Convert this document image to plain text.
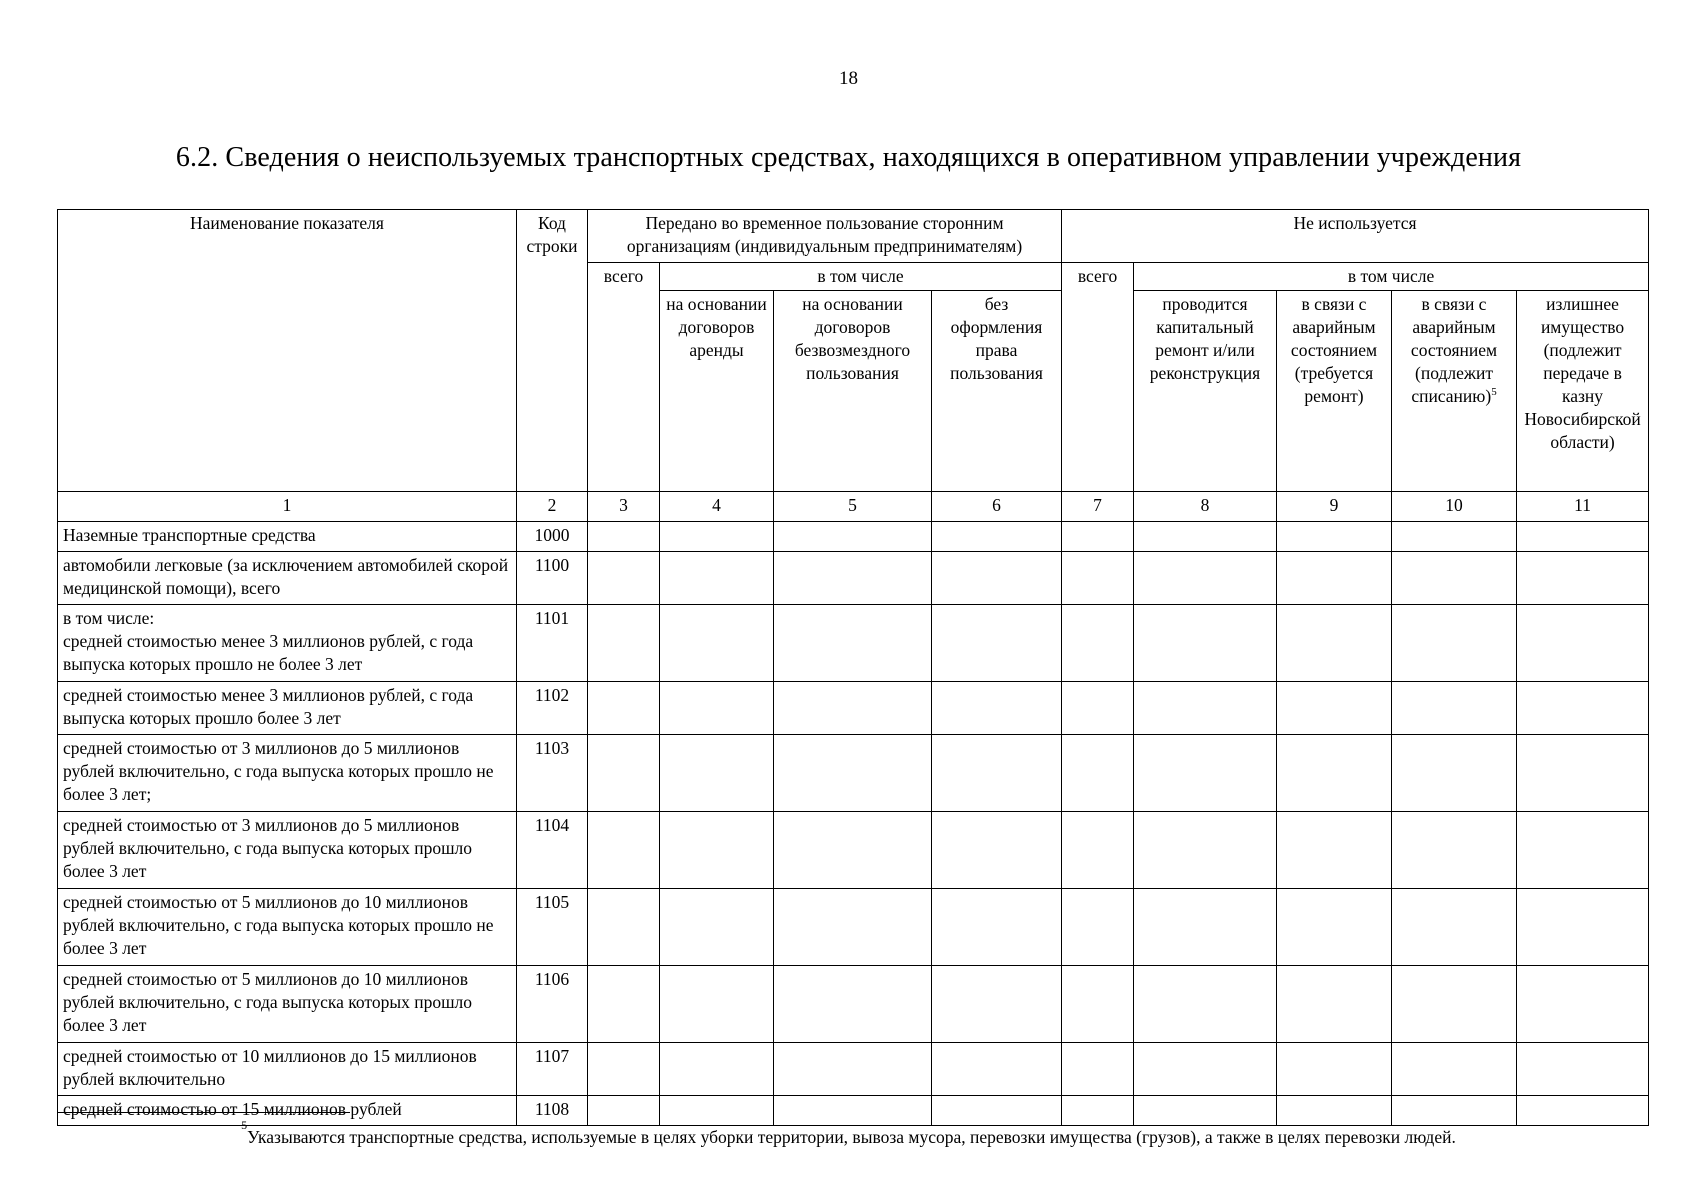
18
6.2. Сведения о неиспользуемых транспортных средствах, находящихся в оперативном управлении учреждения
Наименование показателя	Код строки	Передано во временное пользование сторонним организациям (индивидуальным предпринимателям)				Не используется				
		всего	в том числе			всего	в том числе			
			на основании договоров аренды	на основании договоров безвозмездного пользования	без оформления права пользования		проводится капитальный ремонт и/или реконструкция	в связи с аварийным состоянием (требуется ремонт)	в связи с аварийным состоянием (подлежит списанию)$^5$	излишнее имущество (подлежит передаче в казну Новосибирской области)
1	2	3	4	5	6	7	8	9	10	11
Наземные транспортные средства	1000									
автомобили легковые (за исключением автомобилей скорой медицинской помощи), всего	1100									
в том числе:
средней стоимостью менее 3 миллионов рублей, с года выпуска которых прошло не более 3 лет	1101									
средней стоимостью менее 3 миллионов рублей, с года выпуска которых прошло более 3 лет	1102									
средней стоимостью от 3 миллионов до 5 миллионов рублей включительно, с года выпуска которых прошло не более 3 лет;	1103									
средней стоимостью от 3 миллионов до 5 миллионов рублей включительно, с года выпуска которых прошло более 3 лет	1104									
средней стоимостью от 5 миллионов до 10 миллионов рублей включительно, с года выпуска которых прошло не более 3 лет	1105									
средней стоимостью от 5 миллионов до 10 миллионов рублей включительно, с года выпуска которых прошло более 3 лет	1106									
средней стоимостью от 10 миллионов до 15 миллионов рублей включительно	1107									
средней стоимостью от 15 миллионов рублей	1108									
$^5$Указываются транспортные средства, используемые в целях уборки территории, вывоза мусора, перевозки имущества (грузов), а также в целях перевозки людей.
